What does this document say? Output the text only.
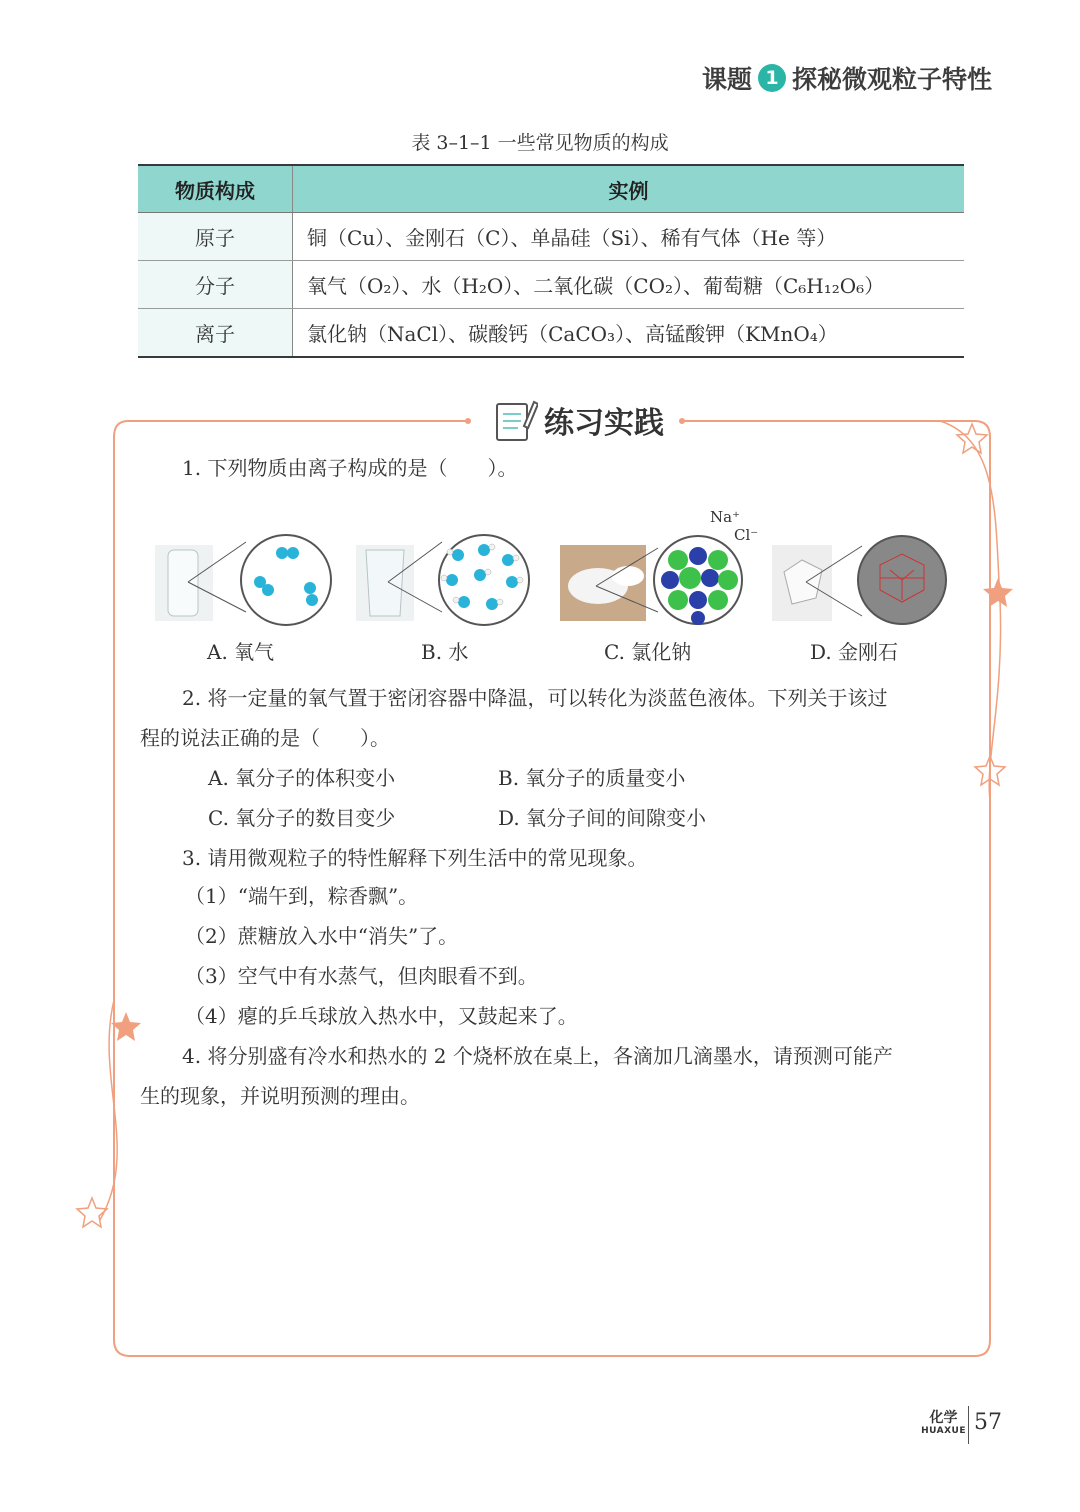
课题 1 探秘微观粒子特性
表 3–1–1 一些常见物质的构成
物质构成	实例
原子	铜（Cu）、金刚石（C）、单晶硅（Si）、稀有气体（He 等）
分子	氧气（O₂）、水（H₂O）、二氧化碳（CO₂）、葡萄糖（C₆H₁₂O₆）
离子	氯化钠（NaCl）、碳酸钙（CaCO₃）、高锰酸钾（KMnO₄）
练习实践
1. 下列物质由离子构成的是（　　）。
Na⁺
Cl⁻
A. 氧气	B. 水	C. 氯化钠	D. 金刚石
2. 将一定量的氧气置于密闭容器中降温，可以转化为淡蓝色液体。下列关于该过
程的说法正确的是（　　）。
A. 氧分子的体积变小	B. 氧分子的质量变小
C. 氧分子的数目变少	D. 氧分子间的间隙变小
3. 请用微观粒子的特性解释下列生活中的常见现象。
（1）“端午到，粽香飘”。
（2）蔗糖放入水中“消失”了。
（3）空气中有水蒸气，但肉眼看不到。
（4）瘪的乒乓球放入热水中，又鼓起来了。
4. 将分别盛有冷水和热水的 2 个烧杯放在桌上，各滴加几滴墨水，请预测可能产
生的现象，并说明预测的理由。
化学
HUAXUE 57
